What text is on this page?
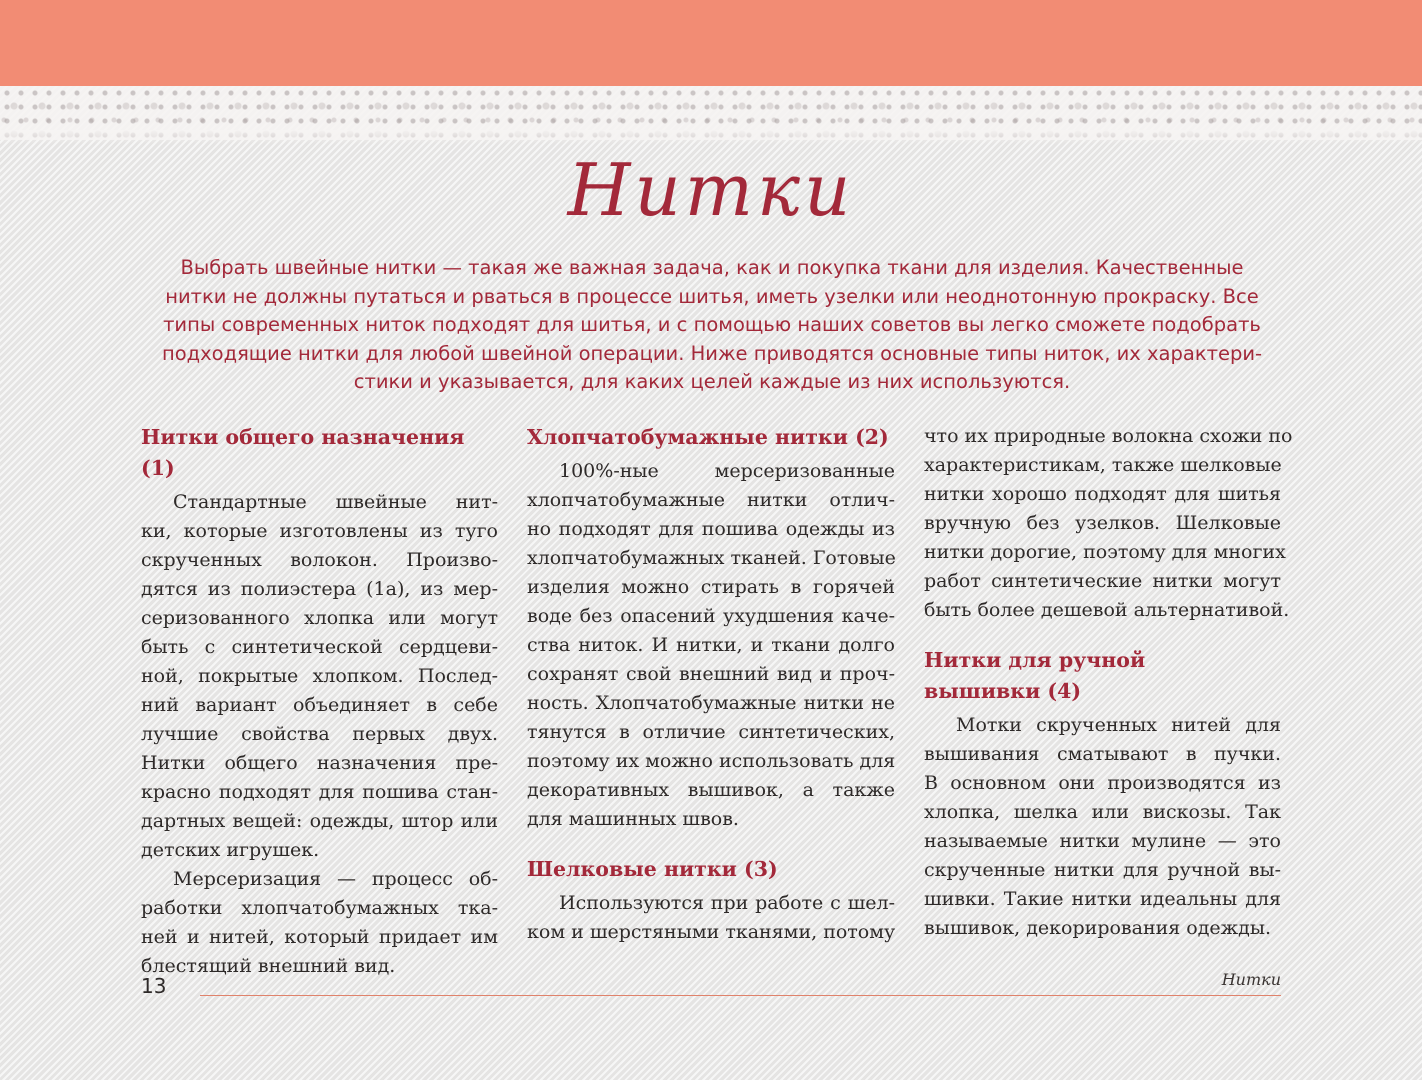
Нитки
Выбрать швейные нитки — такая же важная задача, как и покупка ткани для изделия. Качественные
нитки не должны путаться и рваться в процессе шитья, иметь узелки или неоднотонную прокраску. Все
типы современных ниток подходят для шитья, и с помощью наших советов вы легко сможете подобрать
подходящие нитки для любой швейной операции. Ниже приводятся основные типы ниток, их характери-
стики и указывается, для каких целей каждые из них используются.
Нитки общего назначения (1)
Стандартные швейные нит-
ки, которые изготовлены из туго
скрученных волокон. Произво-
дятся из полиэстера (1а), из мер-
серизованного хлопка или могут
быть с синтетической сердцеви-
ной, покрытые хлопком. Послед-
ний вариант объединяет в себе
лучшие свойства первых двух.
Нитки общего назначения пре-
красно подходят для пошива стан-
дартных вещей: одежды, штор или
детских игрушек.
Мерсеризация — процесс об-
работки хлопчатобумажных тка-
ней и нитей, который придает им
блестящий внешний вид.
Хлопчатобумажные нитки (2)
100%-ные мерсеризованные
хлопчатобумажные нитки отлич-
но подходят для пошива одежды из
хлопчатобумажных тканей. Готовые
изделия можно стирать в горячей
воде без опасений ухудшения каче-
ства ниток. И нитки, и ткани долго
сохранят свой внешний вид и проч-
ность. Хлопчатобумажные нитки не
тянутся в отличие синтетических,
поэтому их можно использовать для
декоративных вышивок, а также
для машинных швов.
Шелковые нитки (3)
Используются при работе с шел-
ком и шерстяными тканями, потому
что их природные волокна схожи по
характеристикам, также шелковые
нитки хорошо подходят для шитья
вручную без узелков. Шелковые
нитки дорогие, поэтому для многих
работ синтетические нитки могут
быть более дешевой альтернативой.
Нитки для ручной
вышивки (4)
Мотки скрученных нитей для
вышивания сматывают в пучки.
В основном они производятся из
хлопка, шелка или вискозы. Так
называемые нитки мулине — это
скрученные нитки для ручной вы-
шивки. Такие нитки идеальны для
вышивок, декорирования одежды.
13	Нитки
